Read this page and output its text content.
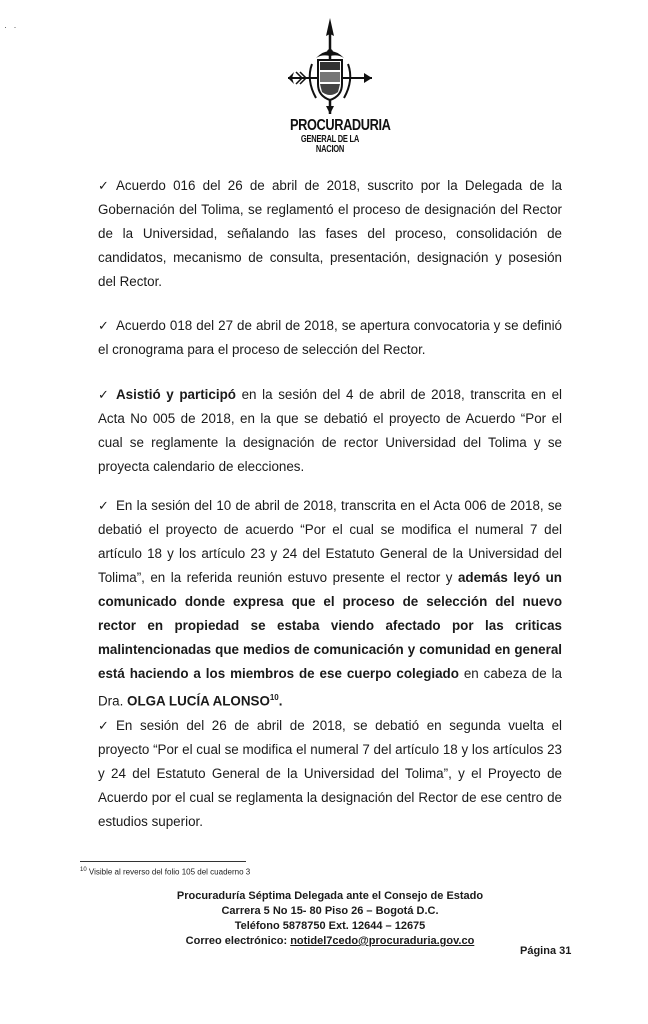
· ·
PROCURADURIA
GENERAL DE LA NACION
✓ Acuerdo 016 del 26 de abril de 2018, suscrito por la Delegada de la Gobernación del Tolima, se reglamentó el proceso de designación del Rector de la Universidad, señalando las fases del proceso, consolidación de candidatos, mecanismo de consulta, presentación, designación y posesión del Rector.
✓ Acuerdo 018 del 27 de abril de 2018, se apertura convocatoria y se definió el cronograma para el proceso de selección del Rector.
✓ Asistió y participó en la sesión del 4 de abril de 2018, transcrita en el Acta No 005 de 2018, en la que se debatió el proyecto de Acuerdo “Por el cual se reglamente la designación de rector Universidad del Tolima y se proyecta calendario de elecciones.
✓ En la sesión del 10 de abril de 2018, transcrita en el Acta 006 de 2018, se debatió el proyecto de acuerdo “Por el cual se modifica el numeral 7 del artículo 18 y los artículo 23 y 24 del Estatuto General de la Universidad del Tolima”, en la referida reunión estuvo presente el rector y además leyó un comunicado donde expresa que el proceso de selección del nuevo rector en propiedad se estaba viendo afectado por las criticas malintencionadas que medios de comunicación y comunidad en general está haciendo a los miembros de ese cuerpo colegiado en cabeza de la Dra. OLGA LUCÍA ALONSO$^{10}$.
✓ En sesión del 26 de abril de 2018, se debatió en segunda vuelta el proyecto “Por el cual se modifica el numeral 7 del artículo 18 y los artículos 23 y 24 del Estatuto General de la Universidad del Tolima”, y el Proyecto de Acuerdo por el cual se reglamenta la designación del Rector de ese centro de estudios superior.
$^{10}$ Visible al reverso del folio 105 del cuaderno 3
Procuraduría Séptima Delegada ante el Consejo de Estado
Carrera 5 No 15- 80 Piso 26 – Bogotá D.C.
Teléfono 5878750 Ext. 12644 – 12675
Correo electrónico: notidel7cedo@procuraduria.gov.co
Página 31
